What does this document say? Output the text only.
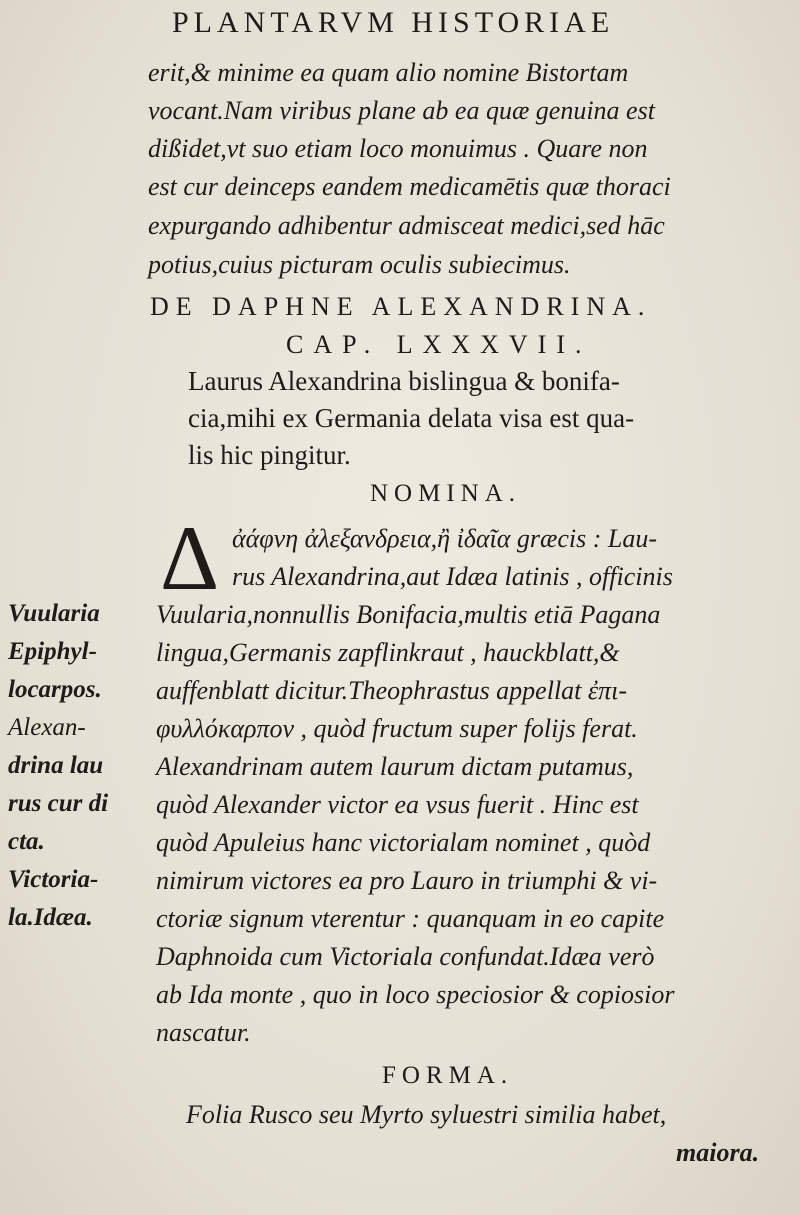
PLANTARVM HISTORIAE
erit,& minime ea quam alio nomine Bistortam
vocant.Nam viribus plane ab ea quæ genuina est
dißidet,vt suo etiam loco monuimus . Quare non
est cur deinceps eandem medicamētis quæ thoraci
expurgando adhibentur admisceat medici,sed hāc
potius,cuius picturam oculis subiecimus.
DE DAPHNE ALEXANDRINA.
CAP. LXXXVII.
Laurus Alexandrina bislingua & bonifa-
cia,mihi ex Germania delata visa est qua-
lis hic pingitur.
NOMINA.
Δ ἀάφνη ἀλεξανδρεια,ἢ ἰδαῖα græcis : Lau-
rus Alexandrina,aut Idæa latinis , officinis
Vuularia,nonnullis Bonifacia,multis etiā Pagana
lingua,Germanis zapflinkraut , hauckblatt,&
auffenblatt dicitur.Theophrastus appellat ἐπι-
φυλλόκαρπον , quòd fructum super folijs ferat.
Alexandrinam autem laurum dictam putamus,
quòd Alexander victor ea vsus fuerit . Hinc est
quòd Apuleius hanc victorialam nominet , quòd
nimirum victores ea pro Lauro in triumphi & vi-
ctoriæ signum vterentur : quanquam in eo capite
Daphnoida cum Victoriala confundat.Idæa verò
ab Ida monte , quo in loco speciosior & copiosior
nascatur.
Vuularia
Epiphyl-
locarpos.
Alexan-
drina lau
rus cur di
cta.
Victoria-
la.Idæa.
FORMA.
Folia Rusco seu Myrto syluestri similia habet,
maiora.
